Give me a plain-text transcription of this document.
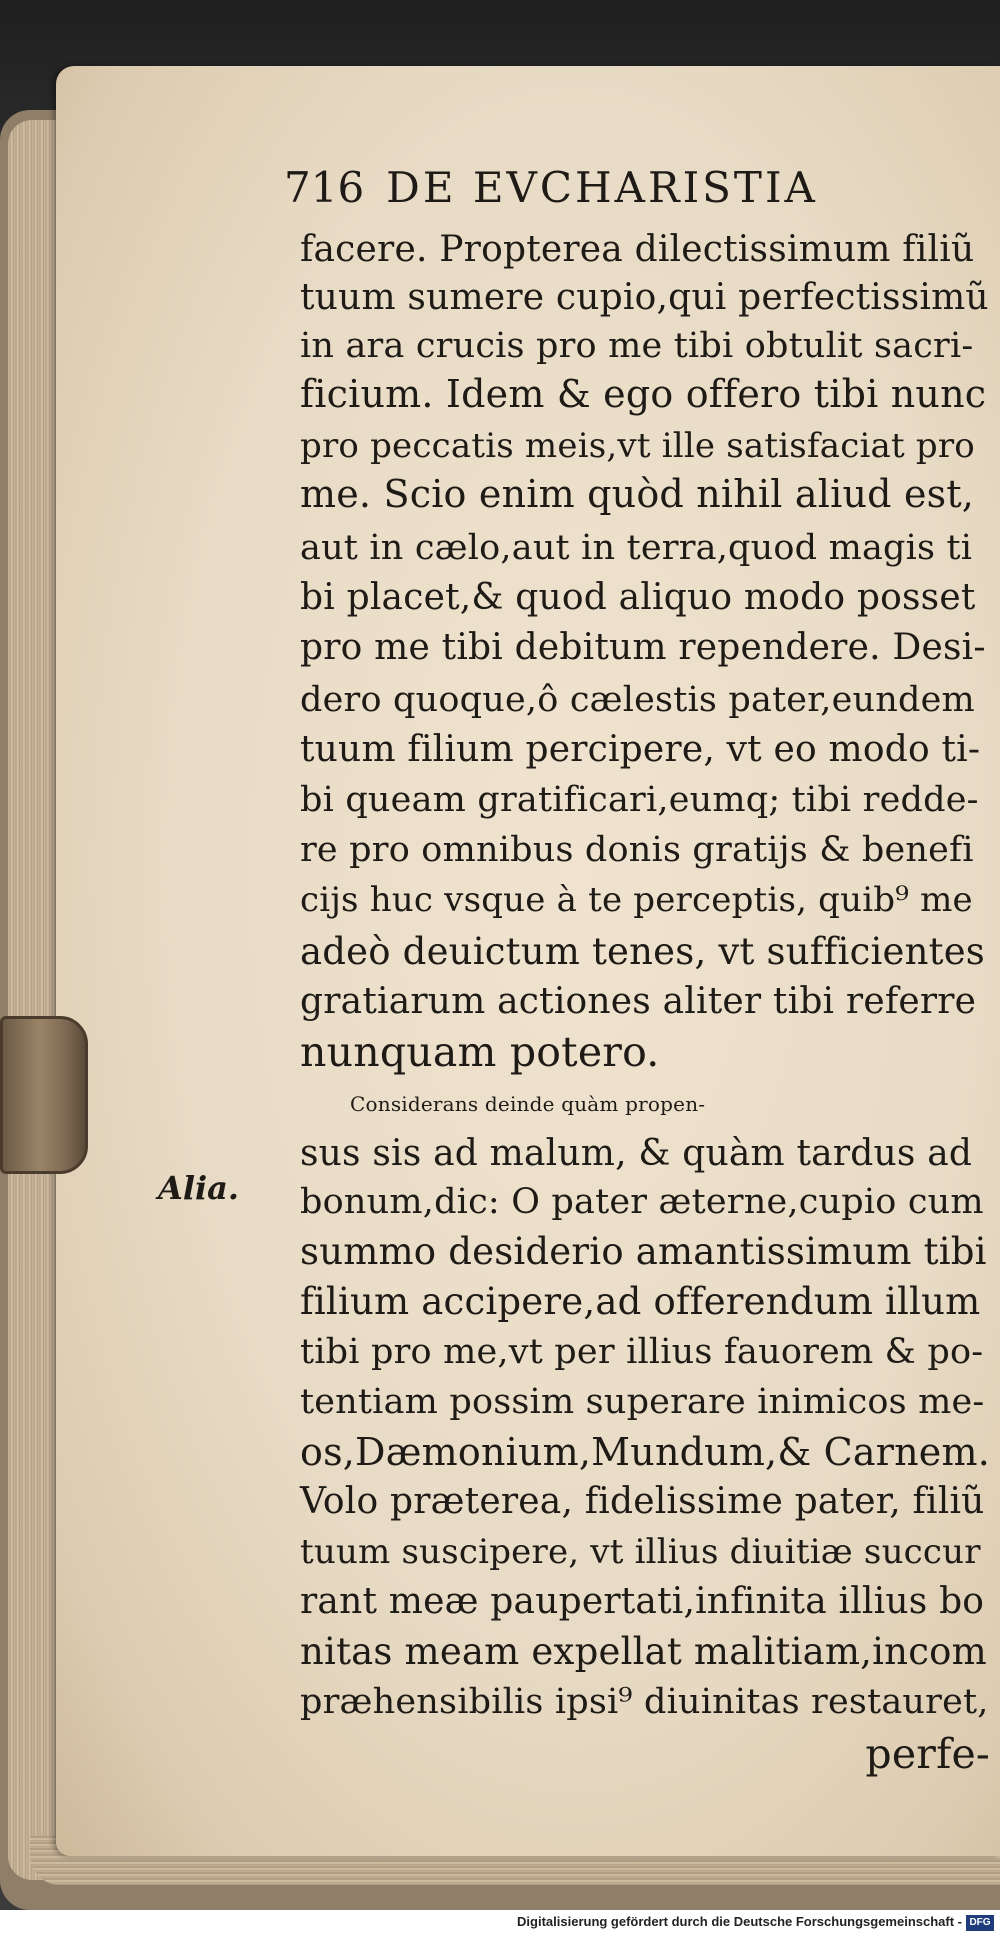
716 DE EVCHARISTIA
Alia.
facere. Propterea dilectissimum filiũ
tuum sumere cupio,qui perfectissimũ
in ara crucis pro me tibi obtulit sacri-
ficium. Idem & ego offero tibi nunc
pro peccatis meis,vt ille satisfaciat pro
me. Scio enim quòd nihil aliud est,
aut in cælo,aut in terra,quod magis ti
bi placet,& quod aliquo modo posset
pro me tibi debitum rependere. Desi-
dero quoque,ô cælestis pater,eundem
tuum filium percipere, vt eo modo ti-
bi queam gratificari,eumq; tibi redde-
re pro omnibus donis gratijs & benefi
cijs huc vsque à te perceptis, quib⁹ me
adeò deuictum tenes, vt sufficientes
gratiarum actiones aliter tibi referre
nunquam potero.
Considerans deinde quàm propen-
sus sis ad malum, & quàm tardus ad
bonum,dic: O pater æterne,cupio cum
summo desiderio amantissimum tibi
filium accipere,ad offerendum illum
tibi pro me,vt per illius fauorem & po-
tentiam possim superare inimicos me-
os,Dæmonium,Mundum,& Carnem.
Volo præterea, fidelissime pater, filiũ
tuum suscipere, vt illius diuitiæ succur
rant meæ paupertati,infinita illius bo
nitas meam expellat malitiam,incom
præhensibilis ipsi⁹ diuinitas restauret,
perfe-
Digitalisierung gefördert durch die Deutsche Forschungsgemeinschaft - DFG
